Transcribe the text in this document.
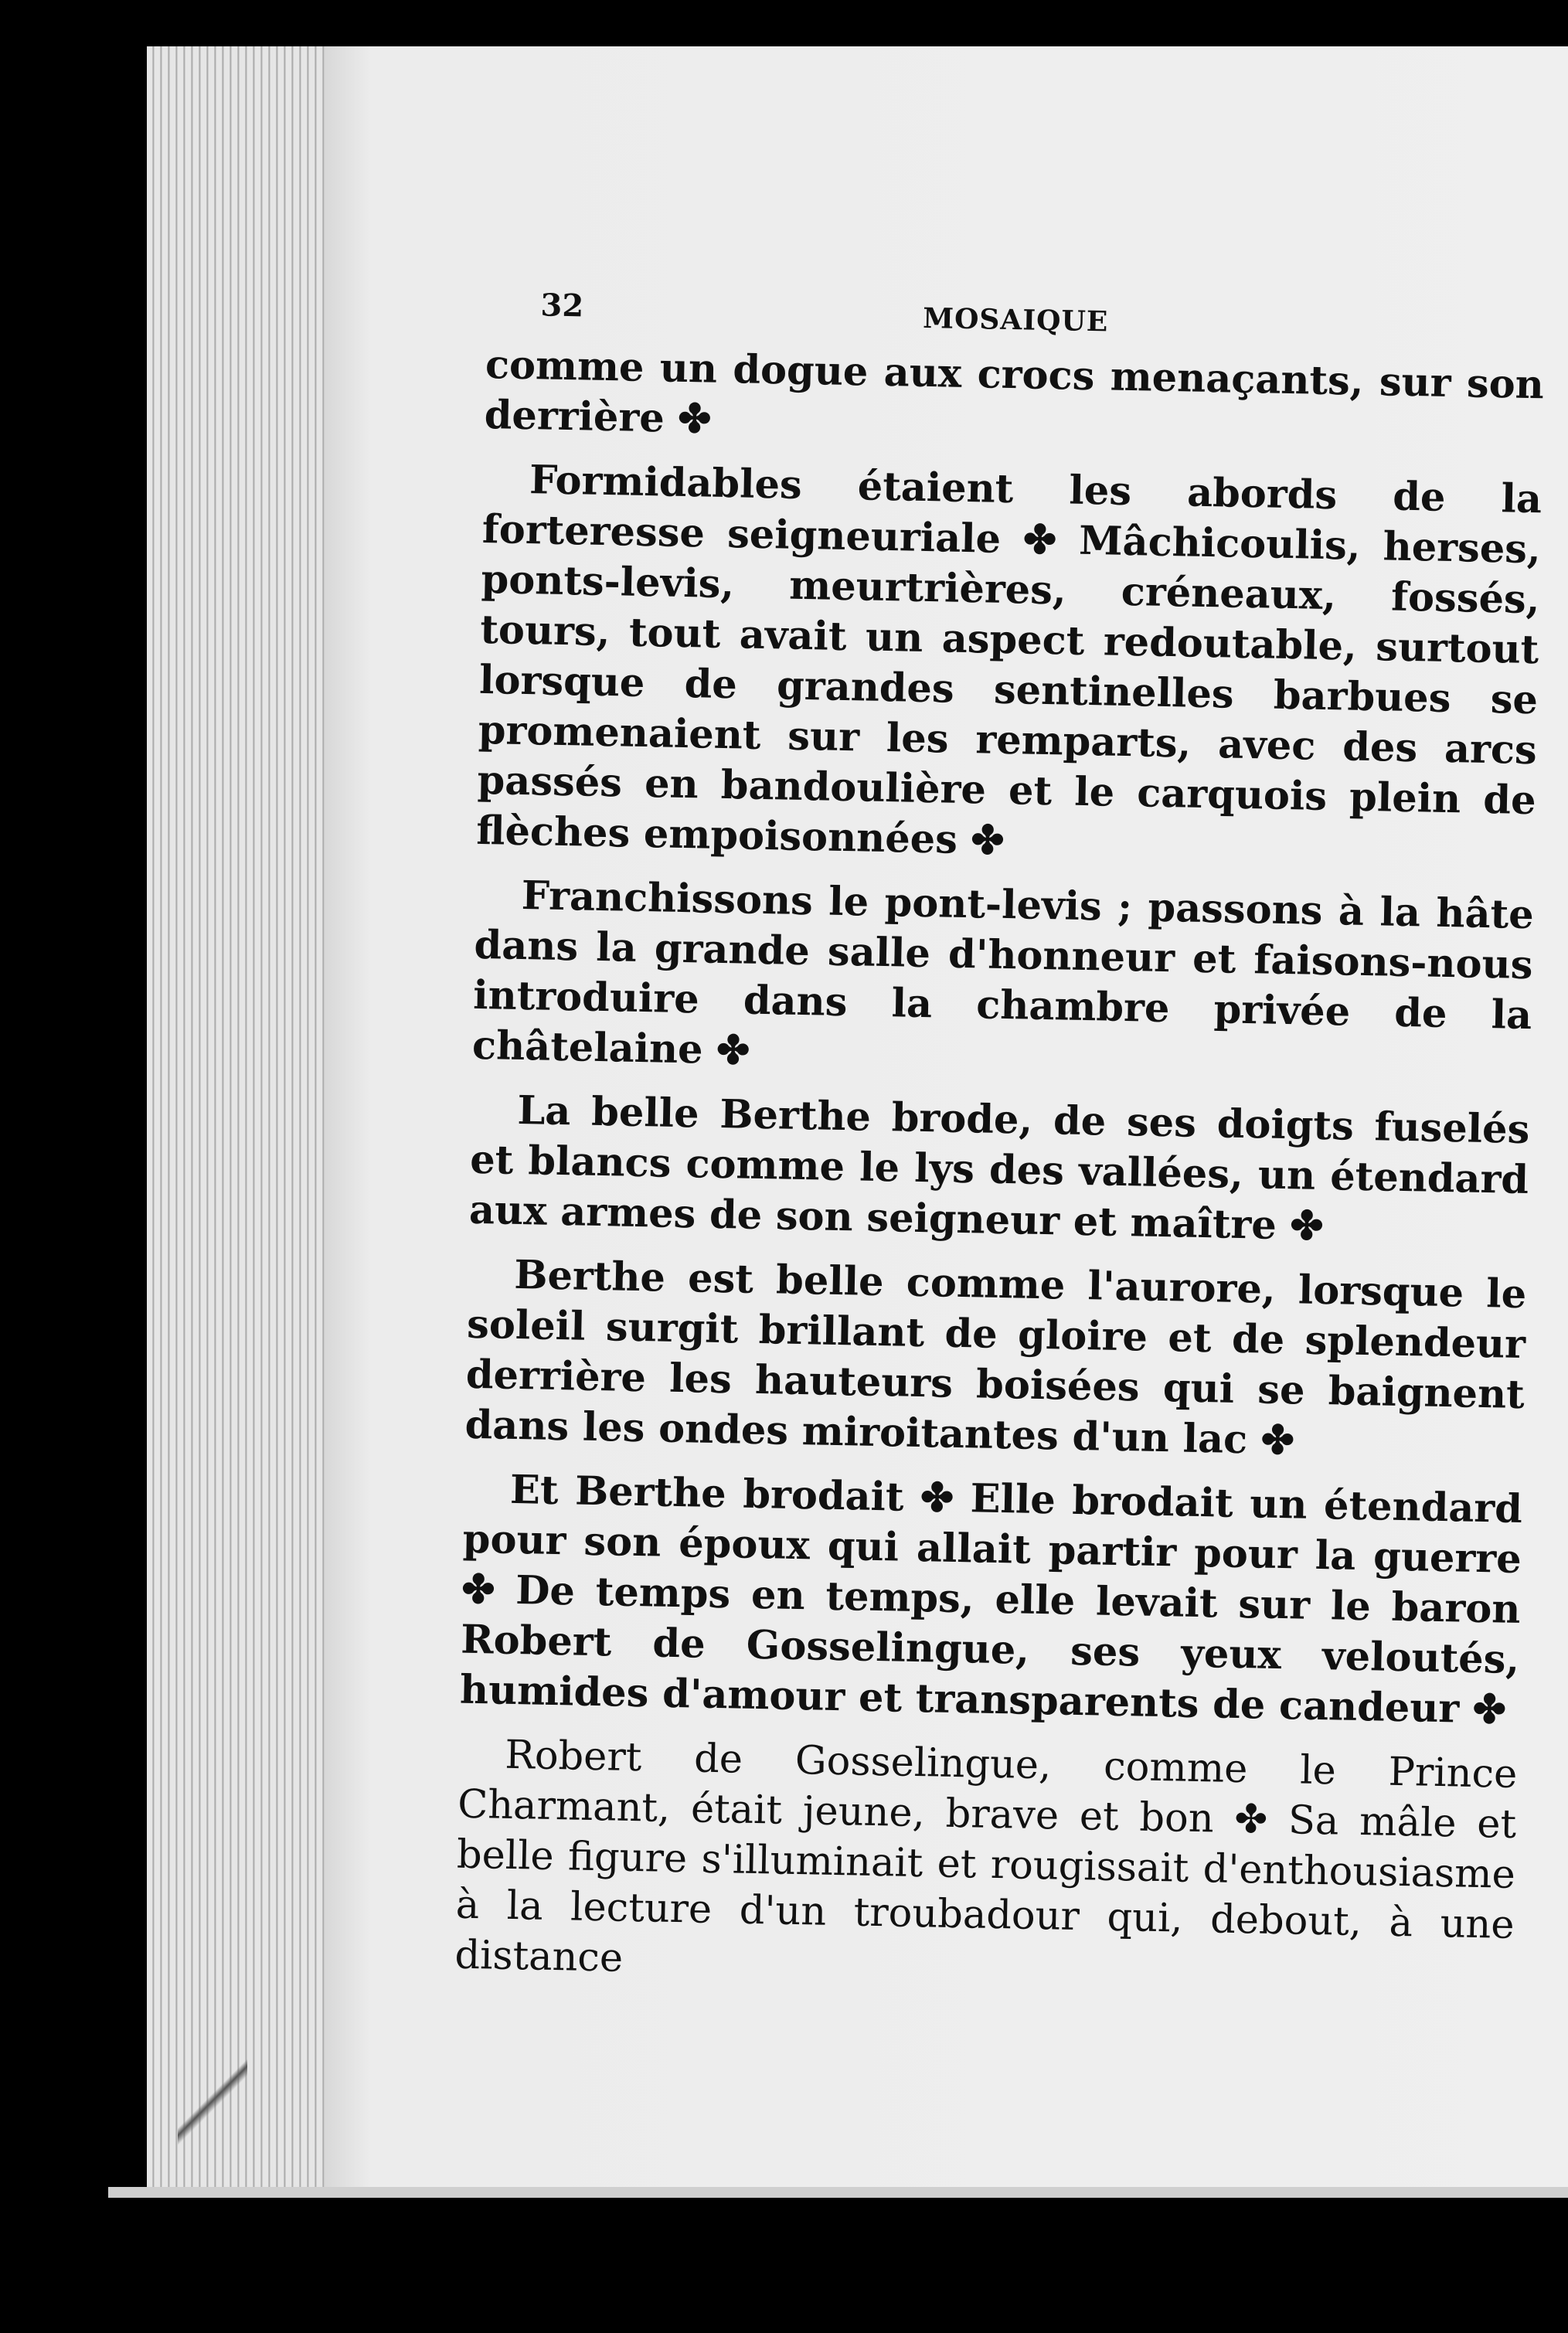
32	MOSAIQUE

comme un dogue aux crocs menaçants, sur son derrière ✤

Formidables étaient les abords de la forteresse seigneuriale ✤ Mâchicoulis, herses, ponts-levis, meurtrières, créneaux, fossés, tours, tout avait un aspect redoutable, surtout lorsque de grandes sentinelles barbues se promenaient sur les remparts, avec des arcs passés en bandoulière et le carquois plein de flèches empoisonnées ✤

Franchissons le pont-levis ; passons à la hâte dans la grande salle d'honneur et faisons-nous introduire dans la chambre privée de la châtelaine ✤

La belle Berthe brode, de ses doigts fuselés et blancs comme le lys des vallées, un étendard aux armes de son seigneur et maître ✤

Berthe est belle comme l'aurore, lorsque le soleil surgit brillant de gloire et de splendeur derrière les hauteurs boisées qui se baignent dans les ondes miroitantes d'un lac ✤

Et Berthe brodait ✤ Elle brodait un étendard pour son époux qui allait partir pour la guerre ✤ De temps en temps, elle levait sur le baron Robert de Gosselingue, ses yeux veloutés, humides d'amour et transparents de candeur ✤

Robert de Gosselingue, comme le Prince Charmant, était jeune, brave et bon ✤ Sa mâle et belle figure s'illuminait et rougissait d'enthousiasme à la lecture d'un troubadour qui, debout, à une distance
